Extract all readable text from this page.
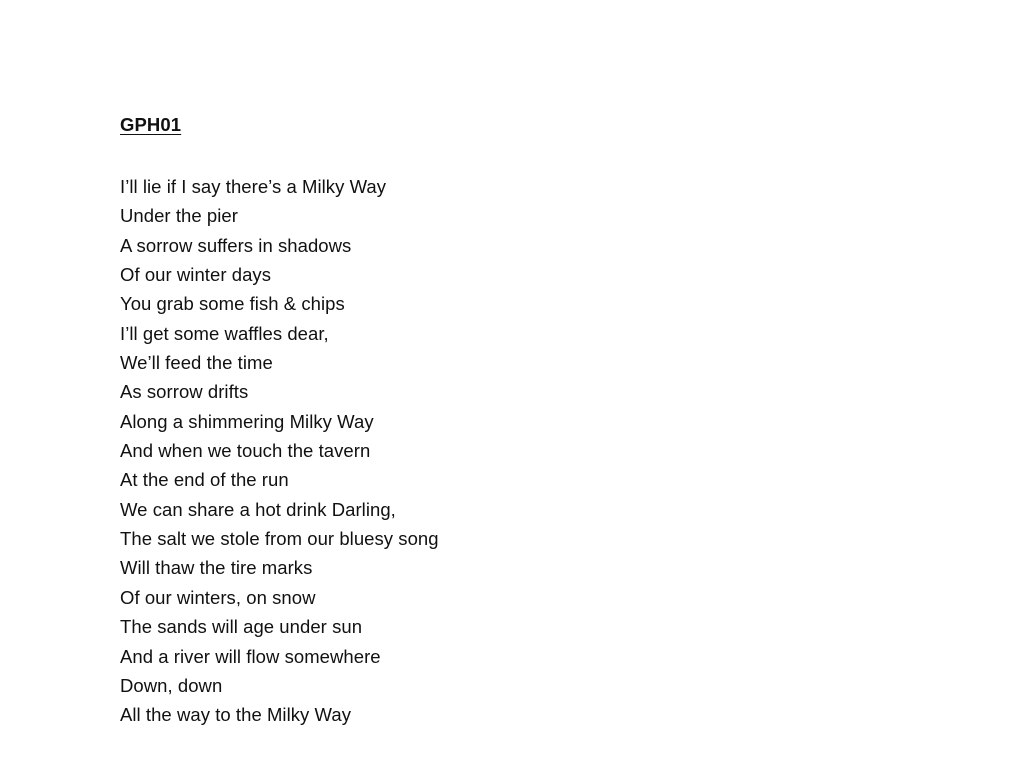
GPH01
I’ll lie if I say there’s a Milky Way
Under the pier
A sorrow suffers in shadows
Of our winter days
You grab some fish & chips
I’ll get some waffles dear,
We’ll feed the time
As sorrow drifts
Along a shimmering Milky Way
And when we touch the tavern
At the end of the run
We can share a hot drink Darling,
The salt we stole from our bluesy song
Will thaw the tire marks
Of our winters, on snow
The sands will age under sun
And a river will flow somewhere
Down, down
All the way to the Milky Way
